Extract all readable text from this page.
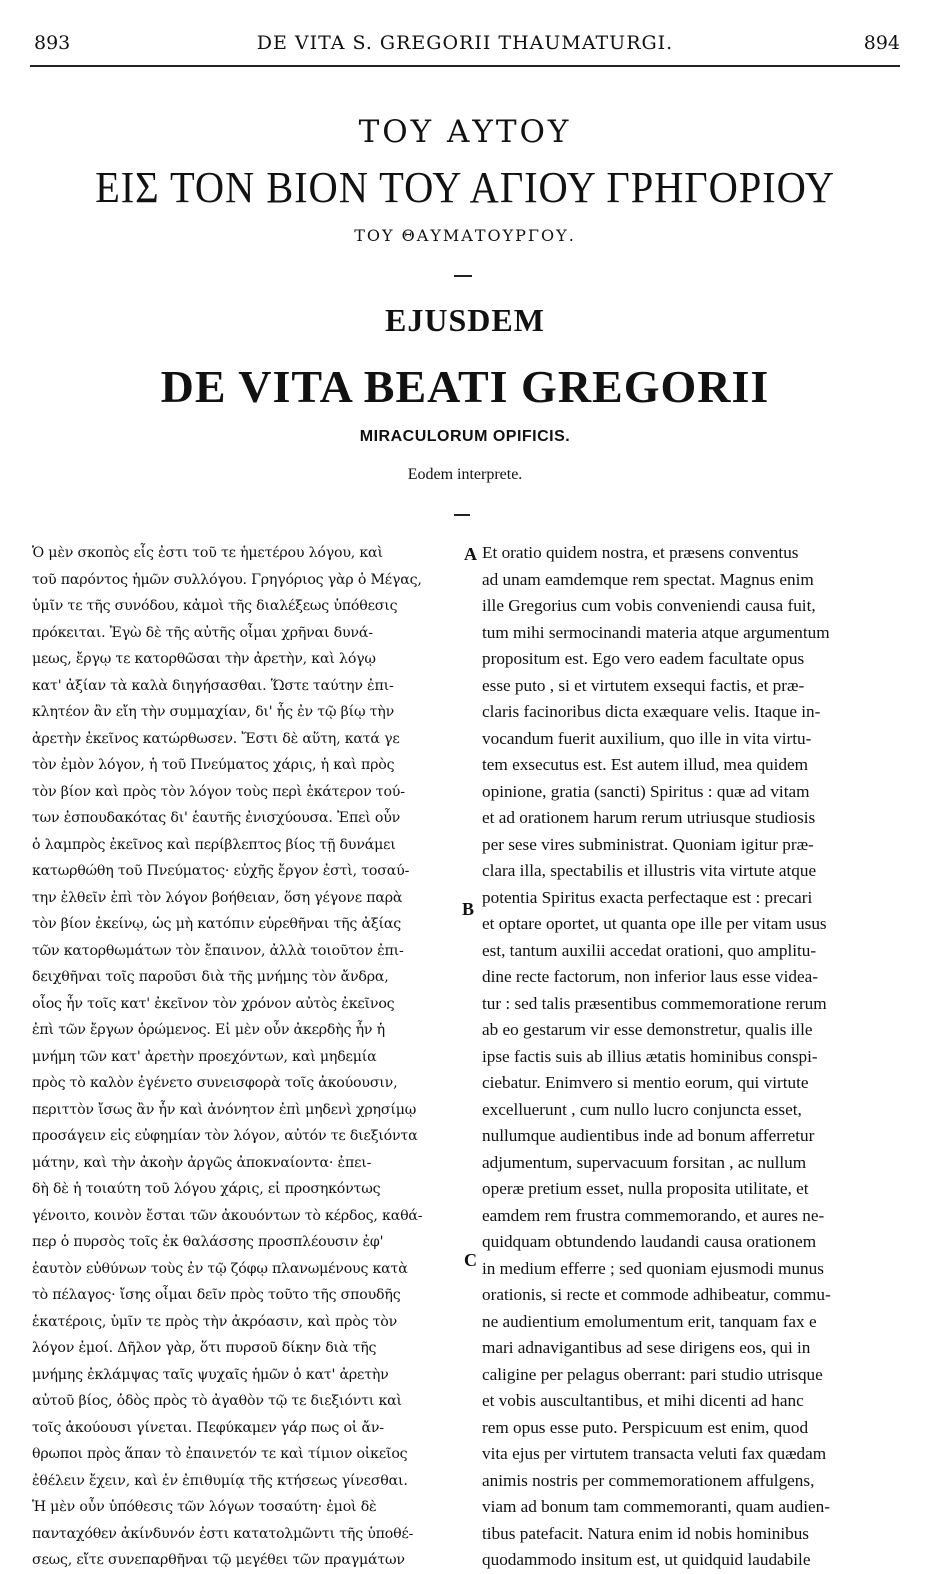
893	DE VITA S. GREGORII THAUMATURGI.	894
ΤΟΥ ΑΥΤΟΥ
ΕΙΣ ΤΟΝ ΒΙΟΝ ΤΟΥ ΑΓΙΟΥ ΓΡΗΓΟΡΙΟΥ
ΤΟΥ ΘΑΥΜΑΤΟΥΡΓΟΥ.
EJUSDEM
DE VITA BEATI GREGORII
MIRACULORUM OPIFICIS.
Eodem interprete.
Ὁ μὲν σκοπὸς εἷς ἐστι τοῦ τε ἡμετέρου λόγου, καὶ
τοῦ παρόντος ἡμῶν συλλόγου. Γρηγόριος γὰρ ὁ Μέγας,
ὑμῖν τε τῆς συνόδου, κἀμοὶ τῆς διαλέξεως ὑπόθεσις
πρόκειται. Ἐγὼ δὲ τῆς αὐτῆς οἶμαι χρῆναι δυνά-
μεως, ἔργῳ τε κατορθῶσαι τὴν ἀρετὴν, καὶ λόγῳ
κατ' ἀξίαν τὰ καλὰ διηγήσασθαι. Ὥστε ταύτην ἐπι-
κλητέον ἂν εἴη τὴν συμμαχίαν, δι' ἧς ἐν τῷ βίῳ τὴν
ἀρετὴν ἐκεῖνος κατώρθωσεν. Ἔστι δὲ αὕτη, κατά γε
τὸν ἐμὸν λόγον, ἡ τοῦ Πνεύματος χάρις, ἡ καὶ πρὸς
τὸν βίον καὶ πρὸς τὸν λόγον τοὺς περὶ ἑκάτερον τού-
των ἐσπουδακότας δι' ἑαυτῆς ἐνισχύουσα. Ἐπεὶ οὖν
ὁ λαμπρὸς ἐκεῖνος καὶ περίβλεπτος βίος τῇ δυνάμει
κατωρθώθη τοῦ Πνεύματος· εὐχῆς ἔργον ἐστὶ, τοσαύ-
την ἐλθεῖν ἐπὶ τὸν λόγον βοήθειαν, ὅση γέγονε παρὰ
τὸν βίον ἐκείνῳ, ὡς μὴ κατόπιν εὑρεθῆναι τῆς ἀξίας
τῶν κατορθωμάτων τὸν ἔπαινον, ἀλλὰ τοιοῦτον ἐπι-
δειχθῆναι τοῖς παροῦσι διὰ τῆς μνήμης τὸν ἄνδρα,
οἷος ἦν τοῖς κατ' ἐκεῖνον τὸν χρόνον αὐτὸς ἐκεῖνος
ἐπὶ τῶν ἔργων ὁρώμενος. Εἰ μὲν οὖν ἀκερδὴς ἦν ἡ
μνήμη τῶν κατ' ἀρετὴν προεχόντων, καὶ μηδεμία
πρὸς τὸ καλὸν ἐγένετο συνεισφορὰ τοῖς ἀκούουσιν,
περιττὸν ἴσως ἂν ἦν καὶ ἀνόνητον ἐπὶ μηδενὶ χρησίμῳ
προσάγειν εἰς εὐφημίαν τὸν λόγον, αὐτόν τε διεξιόντα
μάτην, καὶ τὴν ἀκοὴν ἀργῶς ἀποκναίοντα· ἐπει-
δὴ δὲ ἡ τοιαύτη τοῦ λόγου χάρις, εἰ προσηκόντως
γένοιτο, κοινὸν ἔσται τῶν ἀκουόντων τὸ κέρδος, καθά-
περ ὁ πυρσὸς τοῖς ἐκ θαλάσσης προσπλέουσιν ἐφ'
ἑαυτὸν εὐθύνων τοὺς ἐν τῷ ζόφῳ πλανωμένους κατὰ
τὸ πέλαγος· ἴσης οἶμαι δεῖν πρὸς τοῦτο τῆς σπουδῆς
ἑκατέροις, ὑμῖν τε πρὸς τὴν ἀκρόασιν, καὶ πρὸς τὸν
λόγον ἐμοί. Δῆλον γὰρ, ὅτι πυρσοῦ δίκην διὰ τῆς
μνήμης ἐκλάμψας ταῖς ψυχαῖς ἡμῶν ὁ κατ' ἀρετὴν
αὐτοῦ βίος, ὁδὸς πρὸς τὸ ἀγαθὸν τῷ τε διεξιόντι καὶ
τοῖς ἀκούουσι γίνεται. Πεφύκαμεν γάρ πως οἱ ἄν-
θρωποι πρὸς ἅπαν τὸ ἐπαινετόν τε καὶ τίμιον οἰκεῖος
ἐθέλειν ἔχειν, καὶ ἐν ἐπιθυμίᾳ τῆς κτήσεως γίνεσθαι.
Ἡ μὲν οὖν ὑπόθεσις τῶν λόγων τοσαύτη· ἐμοὶ δὲ
πανταχόθεν ἀκίνδυνόν ἐστι κατατολμῶντι τῆς ὑποθέ-
σεως, εἴτε συνεπαρθῆναι τῷ μεγέθει τῶν πραγμάτων
Et oratio quidem nostra, et præsens conventus
ad unam eamdemque rem spectat. Magnus enim
ille Gregorius cum vobis conveniendi causa fuit,
tum mihi sermocinandi materia atque argumentum
propositum est. Ego vero eadem facultate opus
esse puto , si et virtutem exsequi factis, et præ-
claris facinoribus dicta exæquare velis. Itaque in-
vocandum fuerit auxilium, quo ille in vita virtu-
tem exsecutus est. Est autem illud, mea quidem
opinione, gratia (sancti) Spiritus : quæ ad vitam
et ad orationem harum rerum utriusque studiosis
per sese vires subministrat. Quoniam igitur præ-
clara illa, spectabilis et illustris vita virtute atque
potentia Spiritus exacta perfectaque est : precari
et optare oportet, ut quanta ope ille per vitam usus
est, tantum auxilii accedat orationi, quo amplitu-
dine recte factorum, non inferior laus esse videa-
tur : sed talis præsentibus commemoratione rerum
ab eo gestarum vir esse demonstretur, qualis ille
ipse factis suis ab illius ætatis hominibus conspi-
ciebatur. Enimvero si mentio eorum, qui virtute
excelluerunt , cum nullo lucro conjuncta esset,
nullumque audientibus inde ad bonum afferretur
adjumentum, supervacuum forsitan , ac nullum
operæ pretium esset, nulla proposita utilitate, et
eamdem rem frustra commemorando, et aures ne-
quidquam obtundendo laudandi causa orationem
in medium efferre ; sed quoniam ejusmodi munus
orationis, si recte et commode adhibeatur, commu-
ne audientium emolumentum erit, tanquam fax e
mari adnavigantibus ad sese dirigens eos, qui in
caligine per pelagus oberrant: pari studio utrisque
et vobis auscultantibus, et mihi dicenti ad hanc
rem opus esse puto. Perspicuum est enim, quod
vita ejus per virtutem transacta veluti fax quædam
animis nostris per commemorationem affulgens,
viam ad bonum tam commemoranti, quam audien-
tibus patefacit. Natura enim id nobis hominibus
quodammodo insitum est, ut quidquid laudabile
A
B
C
